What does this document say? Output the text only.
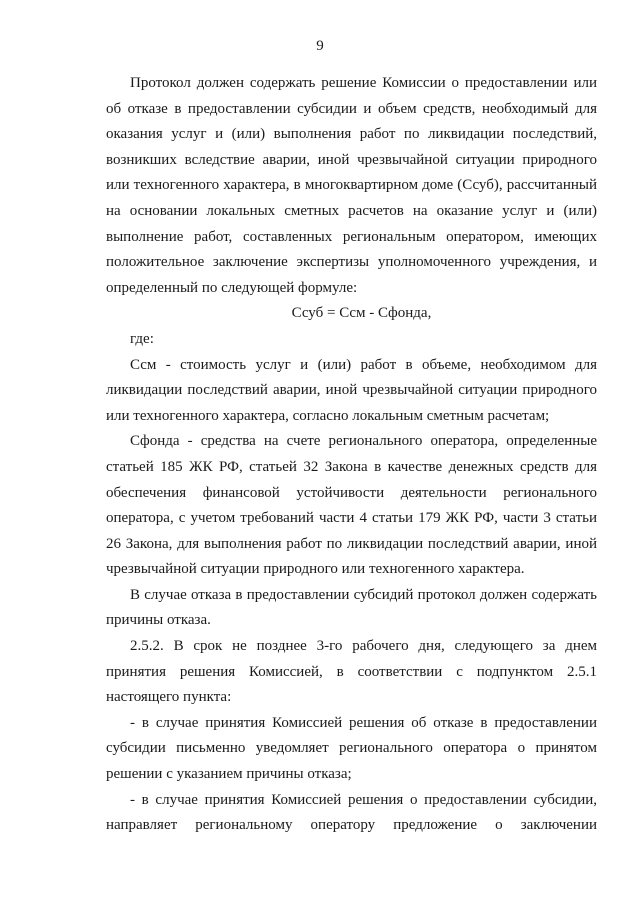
9

Протокол должен содержать решение Комиссии о предоставлении или об отказе в предоставлении субсидии и объем средств, необходимый для оказания услуг и (или) выполнения работ по ликвидации последствий, возникших вследствие аварии, иной чрезвычайной ситуации природного или техногенного характера, в многоквартирном доме (Ссуб), рассчитанный на основании локальных сметных расчетов на оказание услуг и (или) выполнение работ, составленных региональным оператором, имеющих положительное заключение экспертизы уполномоченного учреждения, и определенный по следующей формуле:

Ссуб = Ссм - Сфонда,

где:

Ссм - стоимость услуг и (или) работ в объеме, необходимом для ликвидации последствий аварии, иной чрезвычайной ситуации природного или техногенного характера, согласно локальным сметным расчетам;

Сфонда - средства на счете регионального оператора, определенные статьей 185 ЖК РФ, статьей 32 Закона в качестве денежных средств для обеспечения финансовой устойчивости деятельности регионального оператора, с учетом требований части 4 статьи 179 ЖК РФ, части 3 статьи 26 Закона, для выполнения работ по ликвидации последствий аварии, иной чрезвычайной ситуации природного или техногенного характера.

В случае отказа в предоставлении субсидий протокол должен содержать причины отказа.

2.5.2. В срок не позднее 3-го рабочего дня, следующего за днем принятия решения Комиссией, в соответствии с подпунктом 2.5.1 настоящего пункта:

- в случае принятия Комиссией решения об отказе в предоставлении субсидии письменно уведомляет регионального оператора о принятом решении с указанием причины отказа;

- в случае принятия Комиссией решения о предоставлении субсидии, направляет региональному оператору предложение о заключении
